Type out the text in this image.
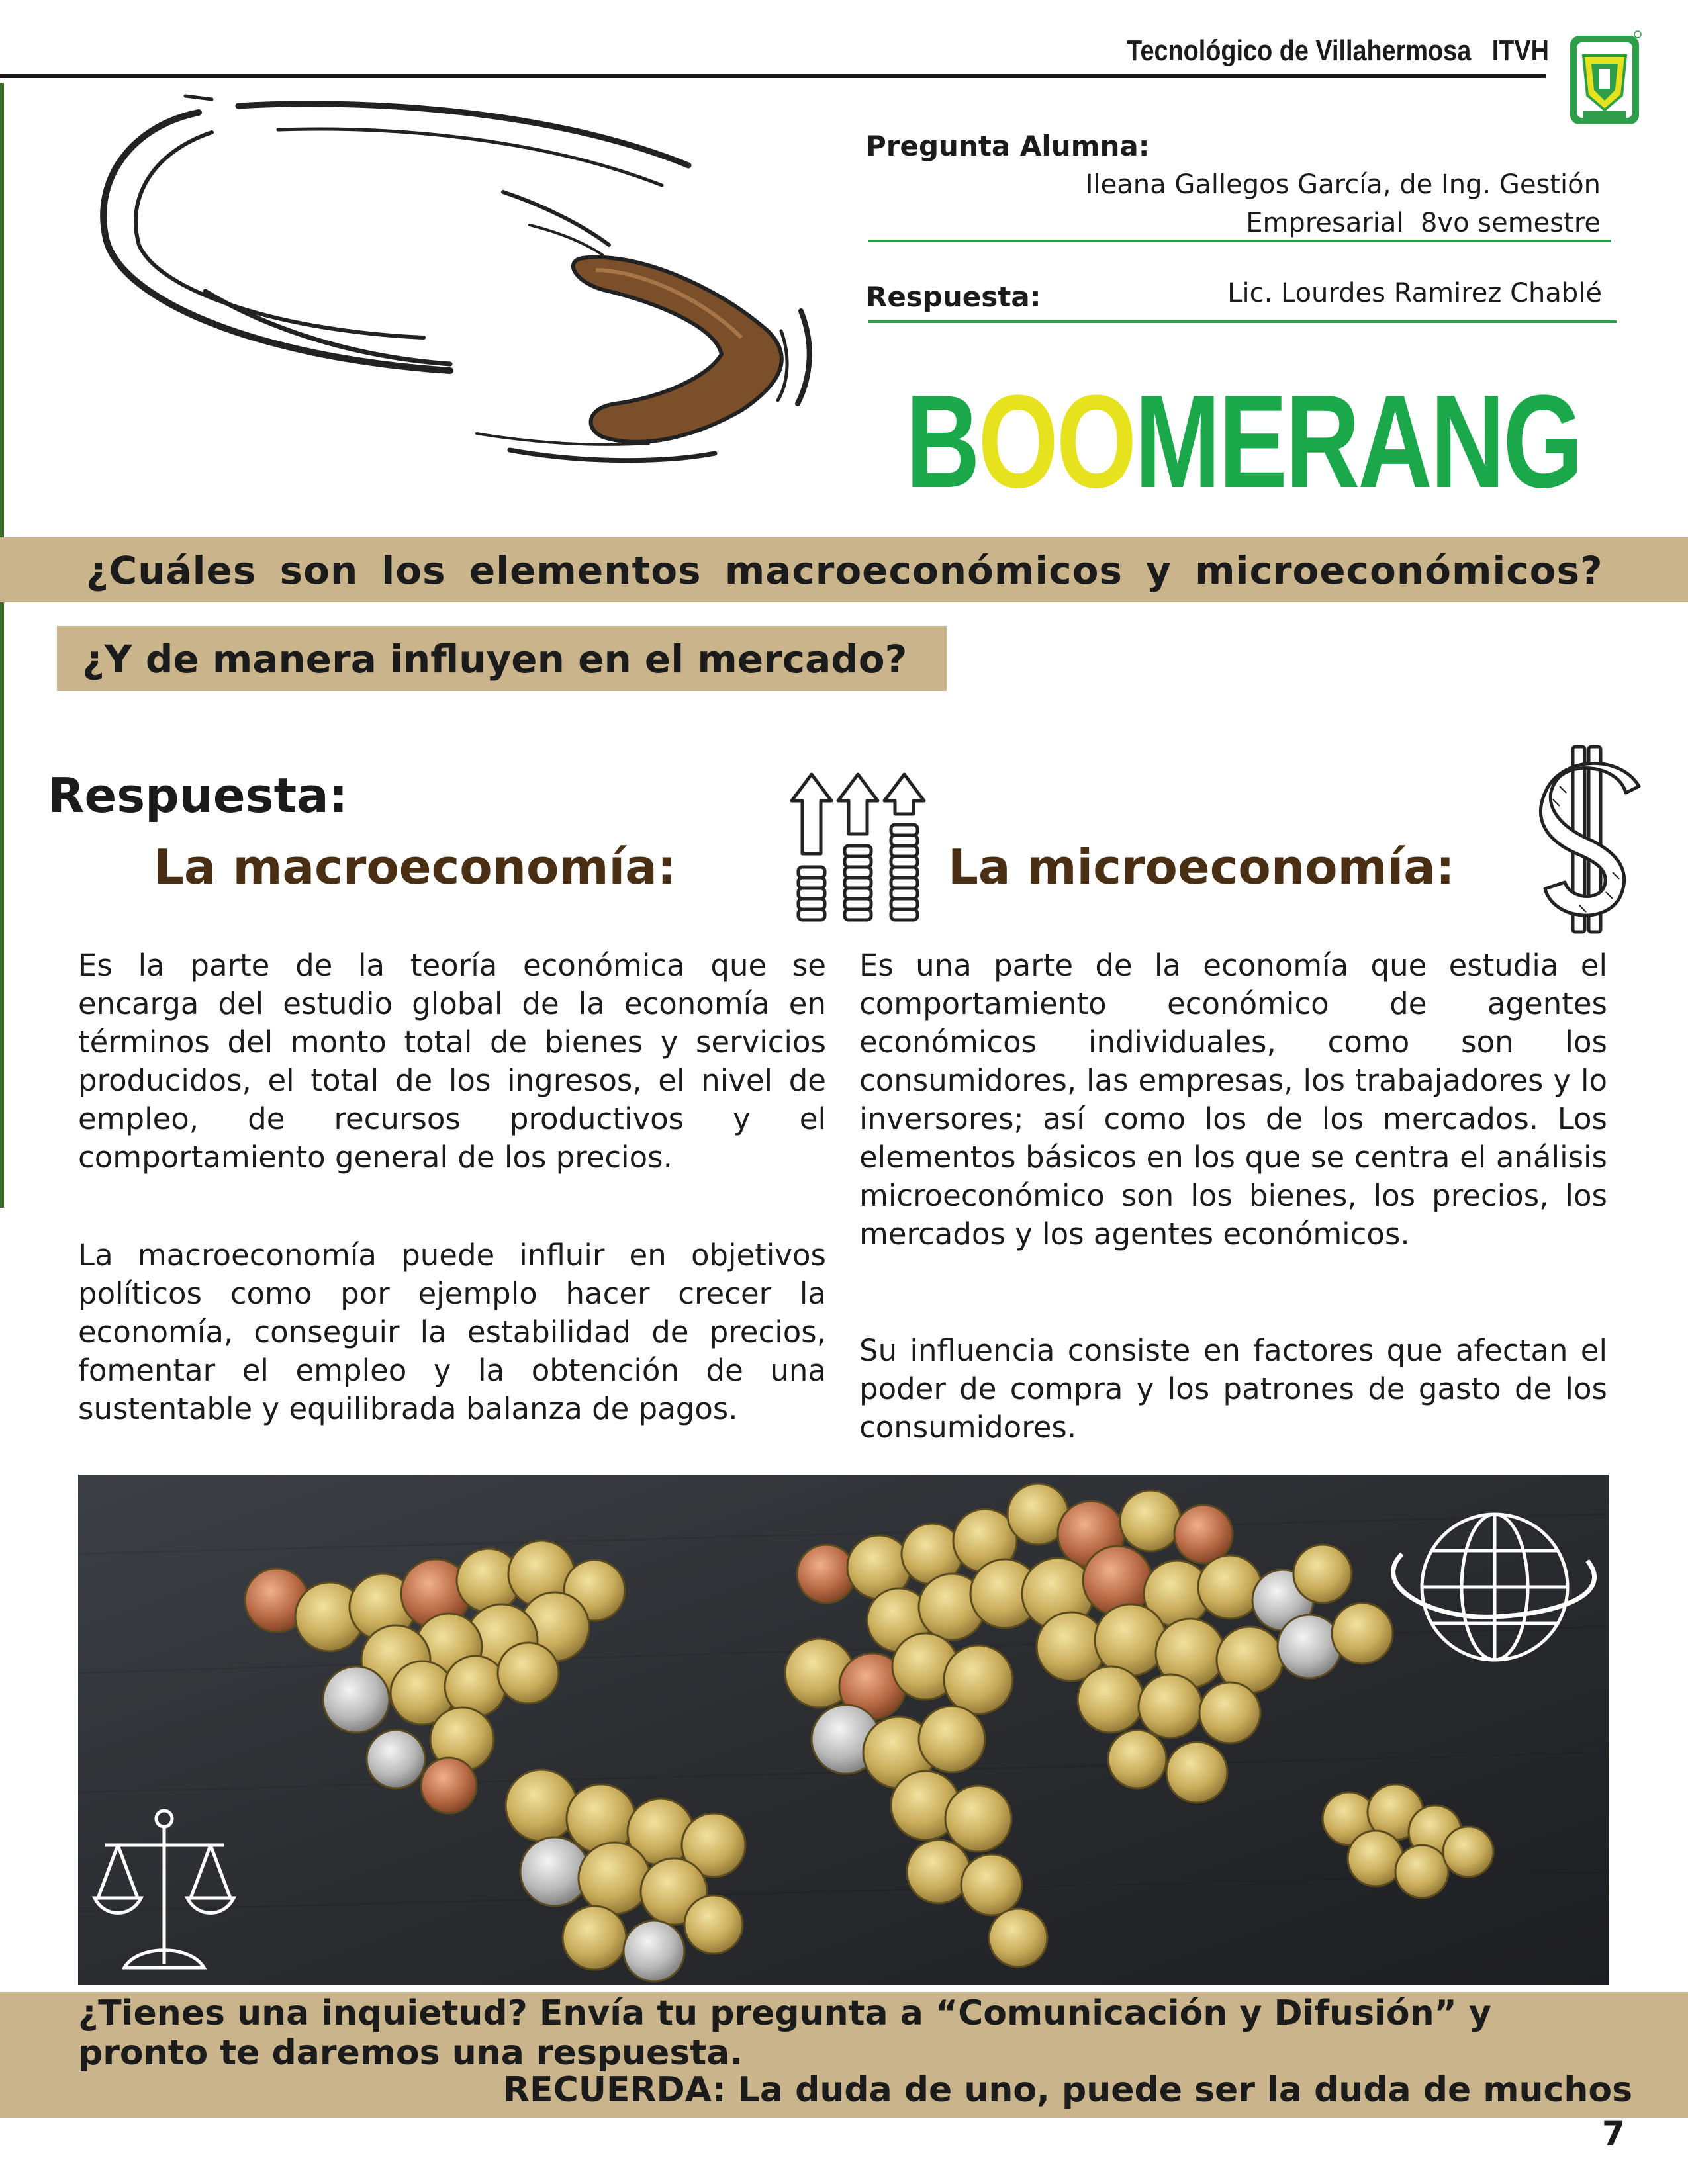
Tecnológico de Villahermosa   ITVH
Pregunta Alumna:
Ileana Gallegos García, de Ing. Gestión
Empresarial  8vo semestre
Respuesta:	Lic. Lourdes Ramirez Chablé
BOOMERANG
¿Cuáles son los elementos macroeconómicos y microeconómicos?
¿Y de manera influyen en el mercado?
Respuesta:
La macroeconomía:	La microeconomía:
Es la parte de la teoría económica que se encarga del estudio global de la economía en términos del monto total de bienes y servicios producidos, el total de los ingresos, el nivel de empleo, de recursos productivos y el comportamiento general de los precios.
La macroeconomía puede influir en objetivos políticos como por ejemplo hacer crecer la economía, conseguir la estabilidad de precios, fomentar el empleo y la obtención de una sustentable y equilibrada balanza de pagos.
Es una parte de la economía que estudia el comportamiento económico de agentes económicos individuales, como son los consumidores, las empresas, los trabajadores y lo inversores; así como los de los mercados. Los elementos básicos en los que se centra el análisis microeconómico son los bienes, los precios, los mercados y los agentes económicos.
Su influencia consiste en factores que afectan el poder de compra y los patrones de gasto de los consumidores.
¿Tienes una inquietud? Envía tu pregunta a “Comunicación y Difusión” y pronto te daremos una respuesta.
RECUERDA: La duda de uno, puede ser la duda de muchos
7
